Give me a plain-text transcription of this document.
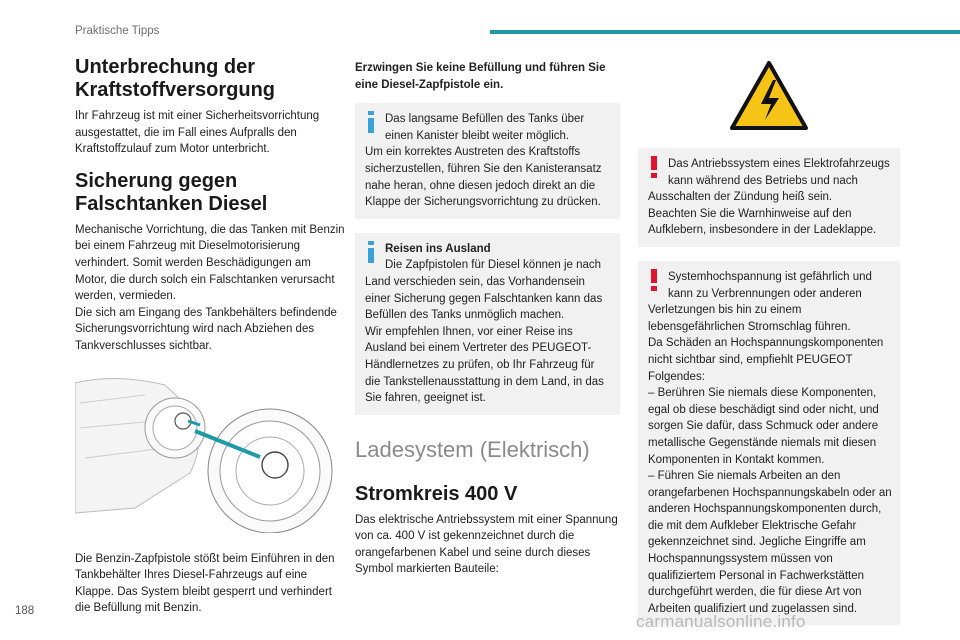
Praktische Tipps
Unterbrechung der Kraftstoffversorgung

Ihr Fahrzeug ist mit einer Sicherheitsvorrichtung ausgestattet, die im Fall eines Aufpralls den Kraftstoffzulauf zum Motor unterbricht.

Sicherung gegen Falschtanken Diesel

Mechanische Vorrichtung, die das Tanken mit Benzin bei einem Fahrzeug mit Dieselmotorisierung verhindert. Somit werden Beschädigungen am Motor, die durch solch ein Falschtanken verursacht werden, vermieden.

Die sich am Eingang des Tankbehälters befindende Sicherungsvorrichtung wird nach Abziehen des Tankverschlusses sichtbar.

Die Benzin-Zapfpistole stößt beim Einführen in den Tankbehälter Ihres Diesel-Fahrzeugs auf eine Klappe. Das System bleibt gesperrt und verhindert die Befüllung mit Benzin.

Erzwingen Sie keine Befüllung und führen Sie eine Diesel-Zapfpistole ein.

Das langsame Befüllen des Tanks über
einen Kanister bleibt weiter möglich.
Um ein korrektes Austreten des Kraftstoffs sicherzustellen, führen Sie den Kanisteransatz nahe heran, ohne diesen jedoch direkt an die Klappe der Sicherungsvorrichtung zu drücken.
Reisen ins Ausland
Die Zapfpistolen für Diesel können je nach Land verschieden sein, das Vorhandensein einer Sicherung gegen Falschtanken kann das Befüllen des Tanks unmöglich machen.
Wir empfehlen Ihnen, vor einer Reise ins Ausland bei einem Vertreter des PEUGEOT-Händlernetzes zu prüfen, ob Ihr Fahrzeug für die Tankstellenausstattung in dem Land, in das Sie fahren, geeignet ist.
Ladesystem (Elektrisch)
Stromkreis 400 V

Das elektrische Antriebssystem mit einer Spannung von ca. 400 V ist gekennzeichnet durch die orangefarbenen Kabel und seine durch dieses Symbol markierten Bauteile:

Das Antriebssystem eines Elektrofahrzeugs
kann während des Betriebs und nach Ausschalten der Zündung heiß sein.
Beachten Sie die Warnhinweise auf den Aufklebern, insbesondere in der Ladeklappe.
Systemhochspannung ist gefährlich und
kann zu Verbrennungen oder anderen Verletzungen bis hin zu einem lebensgefährlichen Stromschlag führen.
Da Schäden an Hochspannungskomponenten nicht sichtbar sind, empfiehlt PEUGEOT Folgendes:
– Berühren Sie niemals diese Komponenten, egal ob diese beschädigt sind oder nicht, und sorgen Sie dafür, dass Schmuck oder andere metallische Gegenstände niemals mit diesen Komponenten in Kontakt kommen.
– Führen Sie niemals Arbeiten an den orangefarbenen Hochspannungskabeln oder an anderen Hochspannungskomponenten durch, die mit dem Aufkleber Elektrische Gefahr gekennzeichnet sind. Jegliche Eingriffe am Hochspannungssystem müssen von qualifiziertem Personal in Fachwerkstätten durchgeführt werden, die für diese Art von Arbeiten qualifiziert und zugelassen sind.
188
carmanualsonline.info
